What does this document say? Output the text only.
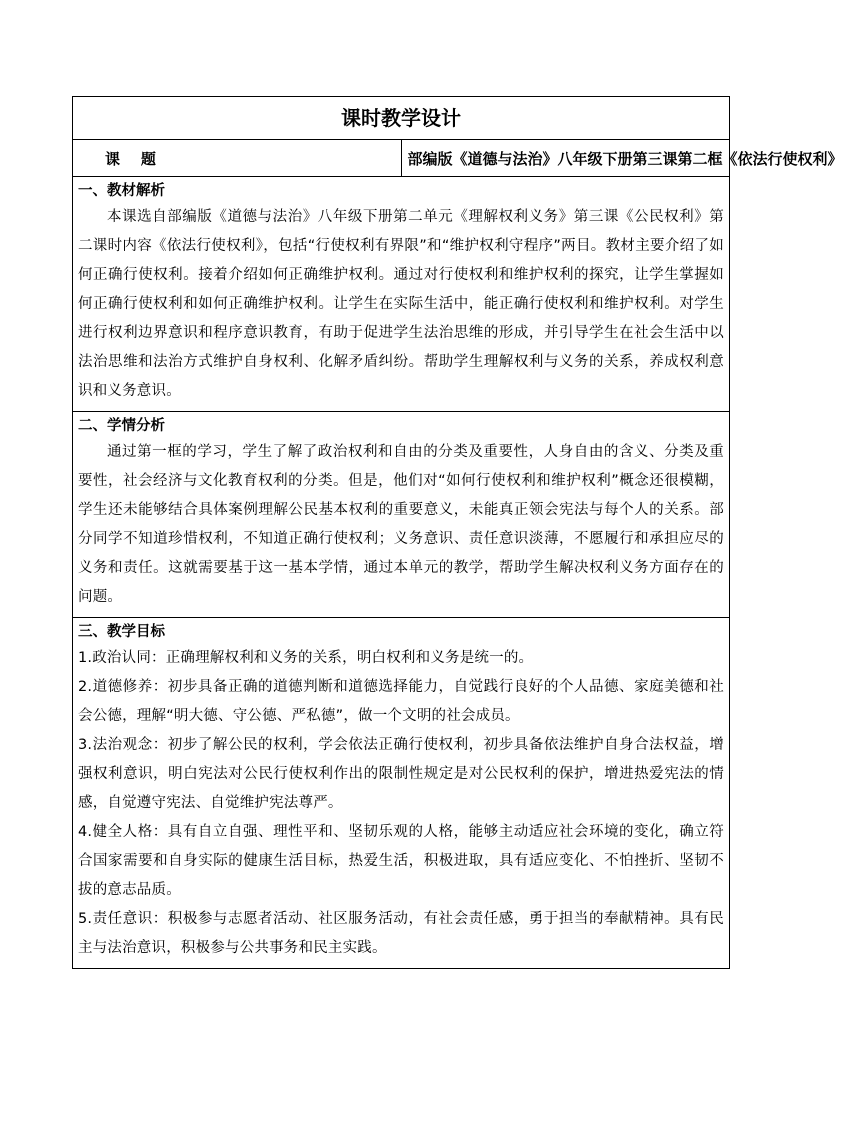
课时教学设计
课    题	部编版《道德与法治》八年级下册第三课第二框《依法行使权利》

一、教材解析

本课选自部编版《道德与法治》八年级下册第二单元《理解权利义务》第三课《公民权利》第二课时内容《依法行使权利》，包括“行使权利有界限”和“维护权利守程序”两目。教材主要介绍了如何正确行使权利。接着介绍如何正确维护权利。通过对行使权利和维护权利的探究，让学生掌握如何正确行使权利和如何正确维护权利。让学生在实际生活中，能正确行使权利和维护权利。对学生进行权利边界意识和程序意识教育，有助于促进学生法治思维的形成，并引导学生在社会生活中以法治思维和法治方式维护自身权利、化解矛盾纠纷。帮助学生理解权利与义务的关系，养成权利意识和义务意识。

二、学情分析

通过第一框的学习，学生了解了政治权利和自由的分类及重要性，人身自由的含义、分类及重要性，社会经济与文化教育权利的分类。但是，他们对“如何行使权利和维护权利”概念还很模糊，学生还未能够结合具体案例理解公民基本权利的重要意义，未能真正领会宪法与每个人的关系。部分同学不知道珍惜权利，不知道正确行使权利；义务意识、责任意识淡薄，不愿履行和承担应尽的义务和责任。这就需要基于这一基本学情，通过本单元的教学，帮助学生解决权利义务方面存在的问题。

三、教学目标

1.政治认同：正确理解权利和义务的关系，明白权利和义务是统一的。

2.道德修养：初步具备正确的道德判断和道德选择能力，自觉践行良好的个人品德、家庭美德和社会公德，理解“明大德、守公德、严私德”，做一个文明的社会成员。

3.法治观念：初步了解公民的权利，学会依法正确行使权利，初步具备依法维护自身合法权益，增强权利意识，明白宪法对公民行使权利作出的限制性规定是对公民权利的保护，增进热爱宪法的情感，自觉遵守宪法、自觉维护宪法尊严。

4.健全人格：具有自立自强、理性平和、坚韧乐观的人格，能够主动适应社会环境的变化，确立符合国家需要和自身实际的健康生活目标，热爱生活，积极进取，具有适应变化、不怕挫折、坚韧不拔的意志品质。

5.责任意识：积极参与志愿者活动、社区服务活动，有社会责任感，勇于担当的奉献精神。具有民主与法治意识，积极参与公共事务和民主实践。
